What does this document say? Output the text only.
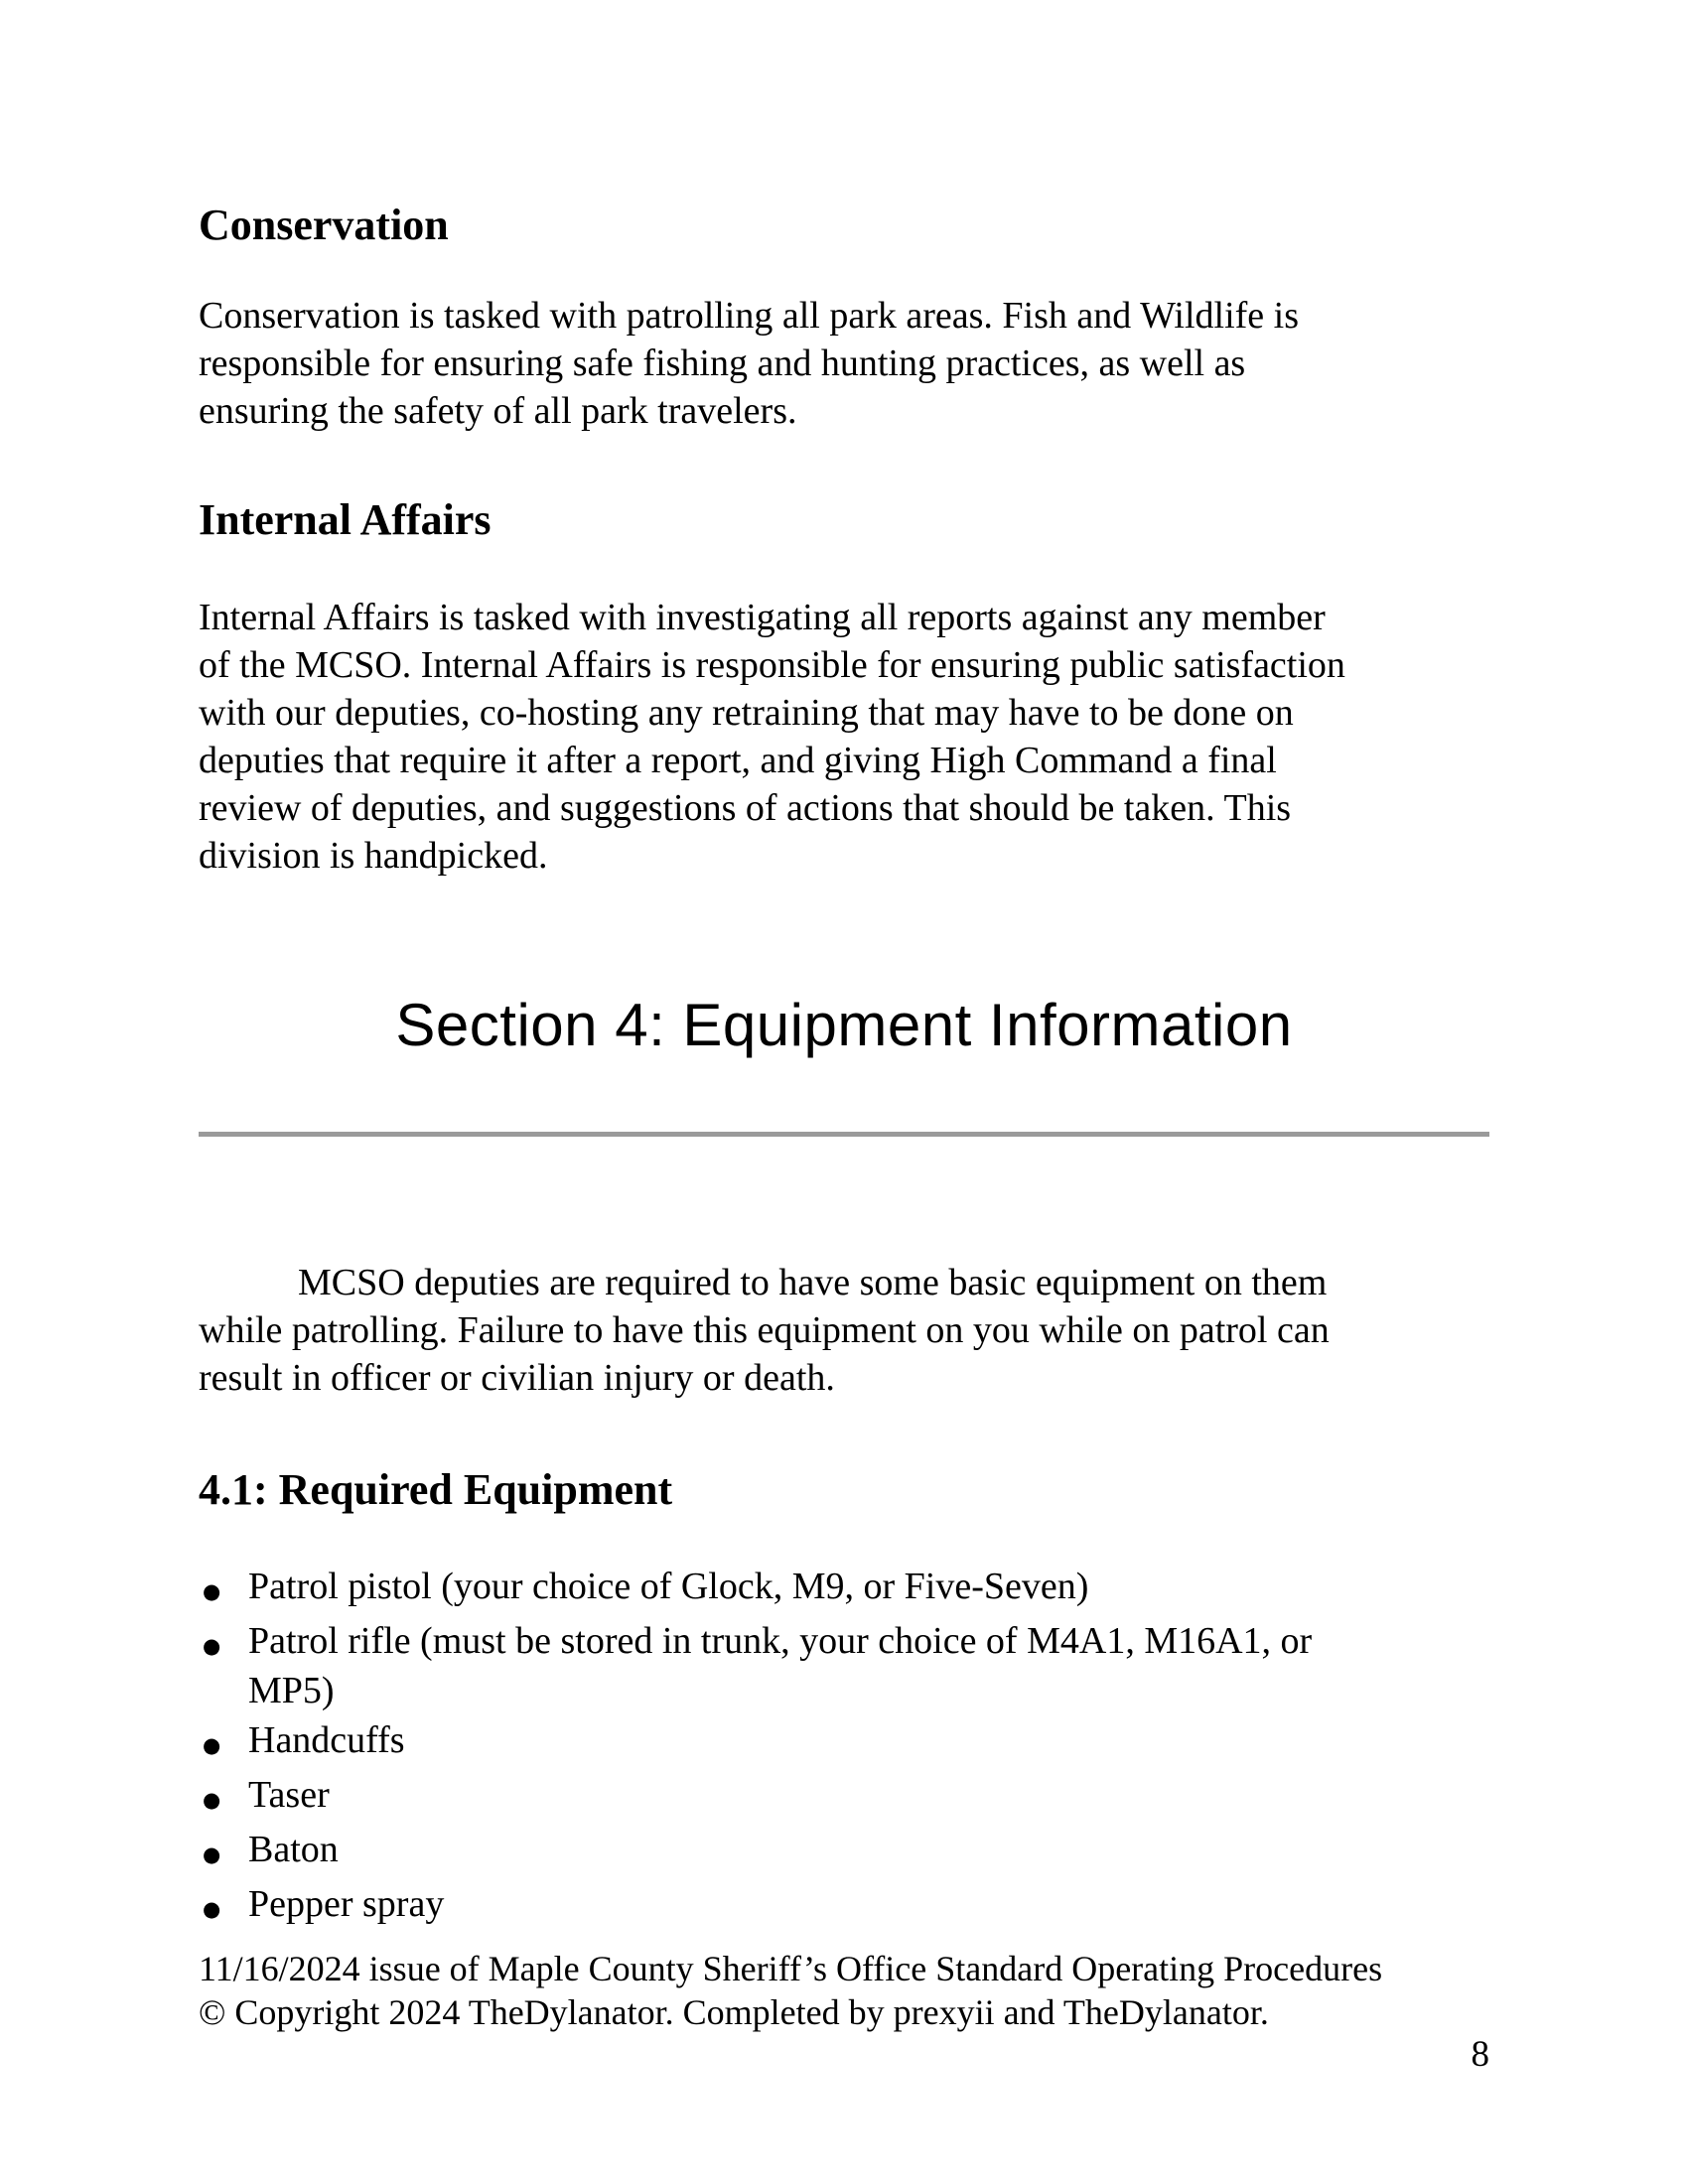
Conservation

Conservation is tasked with patrolling all park areas. Fish and Wildlife is
responsible for ensuring safe fishing and hunting practices, as well as
ensuring the safety of all park travelers.

Internal Affairs

Internal Affairs is tasked with investigating all reports against any member
of the MCSO. Internal Affairs is responsible for ensuring public satisfaction
with our deputies, co-hosting any retraining that may have to be done on
deputies that require it after a report, and giving High Command a final
review of deputies, and suggestions of actions that should be taken. This
division is handpicked.

Section 4: Equipment Information

MCSO deputies are required to have some basic equipment on them
while patrolling. Failure to have this equipment on you while on patrol can
result in officer or civilian injury or death.

4.1: Required Equipment
● Patrol pistol (your choice of Glock, M9, or Five-Seven)
● Patrol rifle (must be stored in trunk, your choice of M4A1, M16A1, or
MP5)
● Handcuffs
● Taser
● Baton
● Pepper spray
11/16/2024 issue of Maple County Sheriff’s Office Standard Operating Procedures
© Copyright 2024 TheDylanator. Completed by prexyii and TheDylanator.
8
